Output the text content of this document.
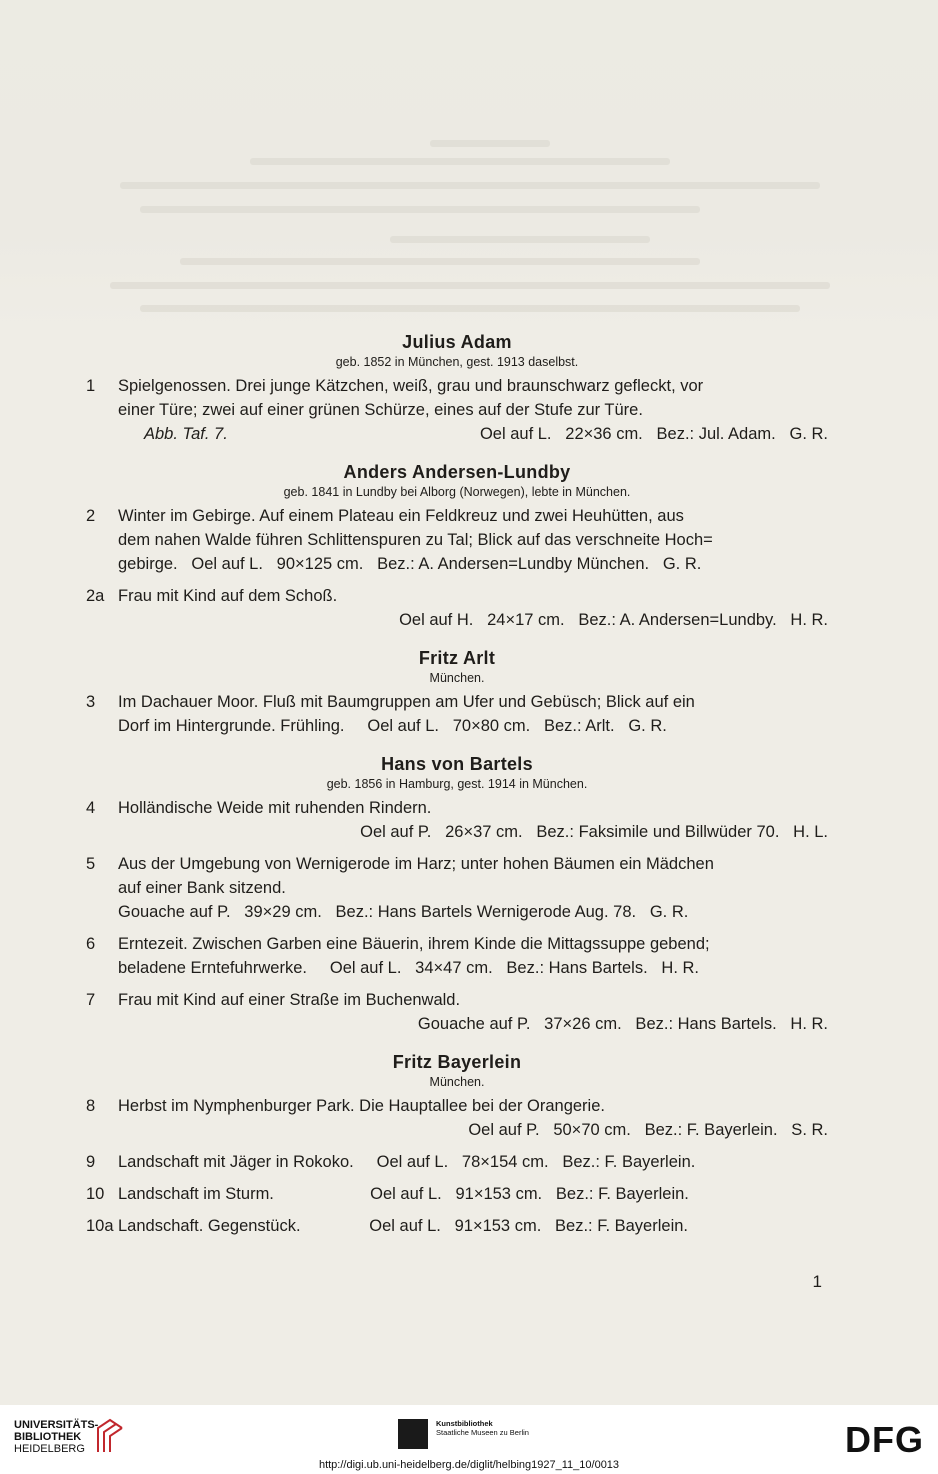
Julius Adam
geb. 1852 in München, gest. 1913 daselbst.
1	Spielgenossen. Drei junge Kätzchen, weiß, grau und braunschwarz gefleckt, vor
einer Türe; zwei auf einer grünen Schürze, eines auf der Stufe zur Türe.
Abb. Taf. 7.	Oel auf L.   22×36 cm.   Bez.: Jul. Adam.   G. R.
Anders Andersen-Lundby
geb. 1841 in Lundby bei Alborg (Norwegen), lebte in München.
2	Winter im Gebirge. Auf einem Plateau ein Feldkreuz und zwei Heuhütten, aus
dem nahen Walde führen Schlittenspuren zu Tal; Blick auf das verschneite Hoch=
gebirge.   Oel auf L.   90×125 cm.   Bez.: A. Andersen=Lundby München.   G. R.
2a Frau mit Kind auf dem Schoß.
Oel auf H.   24×17 cm.   Bez.: A. Andersen=Lundby.   H. R.
Fritz Arlt
München.
3	Im Dachauer Moor. Fluß mit Baumgruppen am Ufer und Gebüsch; Blick auf ein
Dorf im Hintergrunde. Frühling.     Oel auf L.   70×80 cm.   Bez.: Arlt.   G. R.
Hans von Bartels
geb. 1856 in Hamburg, gest. 1914 in München.
4	Holländische Weide mit ruhenden Rindern.
Oel auf P.   26×37 cm.   Bez.: Faksimile und Billwüder 70.   H. L.
5	Aus der Umgebung von Wernigerode im Harz; unter hohen Bäumen ein Mädchen
auf einer Bank sitzend.
Gouache auf P.   39×29 cm.   Bez.: Hans Bartels Wernigerode Aug. 78.   G. R.
6	Erntezeit. Zwischen Garben eine Bäuerin, ihrem Kinde die Mittagssuppe gebend;
beladene Erntefuhrwerke.     Oel auf L.   34×47 cm.   Bez.: Hans Bartels.   H. R.
7	Frau mit Kind auf einer Straße im Buchenwald.
Gouache auf P.   37×26 cm.   Bez.: Hans Bartels.   H. R.
Fritz Bayerlein
München.
8	Herbst im Nymphenburger Park. Die Hauptallee bei der Orangerie.
Oel auf P.   50×70 cm.   Bez.: F. Bayerlein.   S. R.
9	Landschaft mit Jäger in Rokoko.     Oel auf L.   78×154 cm.   Bez.: F. Bayerlein.
10 Landschaft im Sturm.                     Oel auf L.   91×153 cm.   Bez.: F. Bayerlein.
10a Landschaft. Gegenstück.               Oel auf L.   91×153 cm.   Bez.: F. Bayerlein.
1
UNIVERSITÄTS-
BIBLIOTHEK
HEIDELBERG
Kunstbibliothek
Staatliche Museen zu Berlin	DFG
http://digi.ub.uni-heidelberg.de/diglit/helbing1927_11_10/0013
